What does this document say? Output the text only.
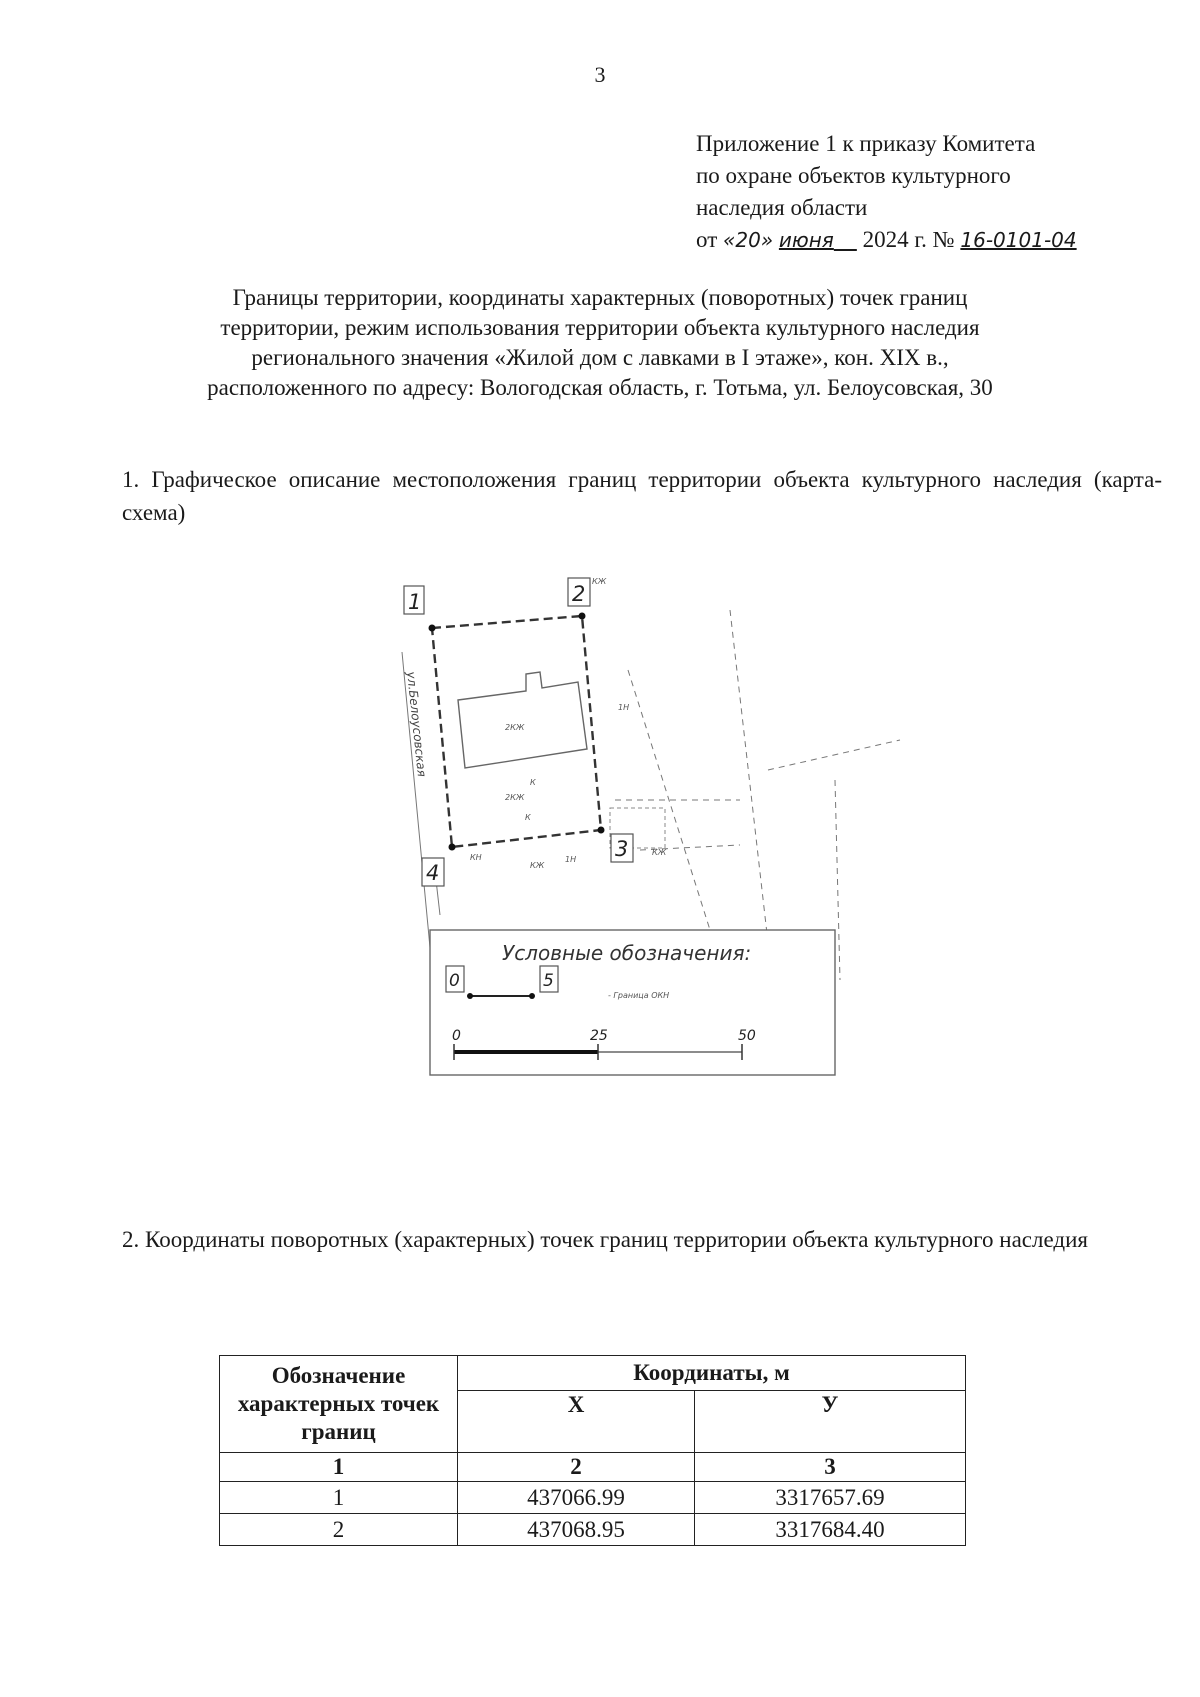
3
Приложение 1 к приказу Комитета
по охране объектов культурного
наследия области
от «20» июня 2024 г. № 16-0101-04
Границы территории, координаты характерных (поворотных) точек границ
территории, режим использования территории объекта культурного наследия
регионального значения «Жилой дом с лавками в I этаже», кон. XIX в.,
расположенного по адресу: Вологодская область, г. Тотьма, ул. Белоусовская, 30
1. Графическое описание местоположения границ территории объекта культурного наследия (карта-схема)
1	2
3
4
ул.Белоусовская	2КЖ
2КЖ
К
К
КЖ
1Н
КЖ
1Н
КЖ
КН
Условные обозначения:
0	5
- Граница ОКН
0	25	50
2. Координаты поворотных (характерных) точек границ территории объекта культурного наследия
Обозначение характерных точек границ	Координаты, м	
	X	У
1	2	3
1	437066.99	3317657.69
2	437068.95	3317684.40
